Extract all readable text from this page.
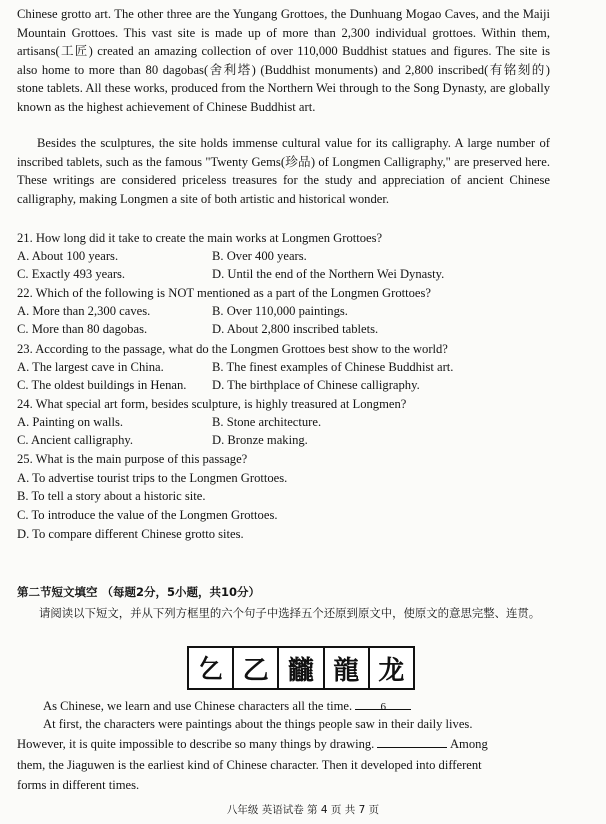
Chinese grotto art. The other three are the Yungang Grottoes, the Dunhuang Mogao Caves, and the Maiji Mountain Grottoes. This vast site is made up of more than 2,300 individual grottoes. Within them, artisans(工匠) created an amazing collection of over 110,000 Buddhist statues and figures. The site is also home to more than 80 dagobas(舍利塔) (Buddhist monuments) and 2,800 inscribed(有铭刻的) stone tablets. All these works, produced from the Northern Wei through to the Song Dynasty, are globally known as the highest achievement of Chinese Buddhist art.

Besides the sculptures, the site holds immense cultural value for its calligraphy. A large number of inscribed tablets, such as the famous "Twenty Gems(珍品) of Longmen Calligraphy," are preserved here. These writings are considered priceless treasures for the study and appreciation of ancient Chinese calligraphy, making Longmen a site of both artistic and historical wonder.

21. How long did it take to create the main works at Longmen Grottoes?
A. About 100 years.	B. Over 400 years.
C. Exactly 493 years.	D. Until the end of the Northern Wei Dynasty.
22. Which of the following is NOT mentioned as a part of the Longmen Grottoes?
A. More than 2,300 caves.	B. Over 110,000 paintings.
C. More than 80 dagobas.	D. About 2,800 inscribed tablets.
23. According to the passage, what do the Longmen Grottoes best show to the world?
A. The largest cave in China.	B. The finest examples of Chinese Buddhist art.
C. The oldest buildings in Henan. D. The birthplace of Chinese calligraphy.
24. What special art form, besides sculpture, is highly treasured at Longmen?
A. Painting on walls.	B. Stone architecture.
C. Ancient calligraphy.	D. Bronze making.
25. What is the main purpose of this passage?
A. To advertise tourist trips to the Longmen Grottoes.
B. To tell a story about a historic site.
C. To introduce the value of the Longmen Grottoes.
D. To compare different Chinese grotto sites.
第二节短文填空 （每题2分，5小题，共10分）

请阅读以下短文，并从下列方框里的六个句子中选择五个还原到原文中，使原文的意思完整、连贯。

𠃉 乙 龖 龍 龙
As Chinese, we learn and use Chinese characters all the time.	6
At first, the characters were paintings about the things people saw in their daily lives.
However, it is quite impossible to describe so many things by drawing.	Among
them, the Jiaguwen is the earliest kind of Chinese character. Then it developed into different
forms in different times.
八年级 英语试卷 第 4 页 共 7 页
